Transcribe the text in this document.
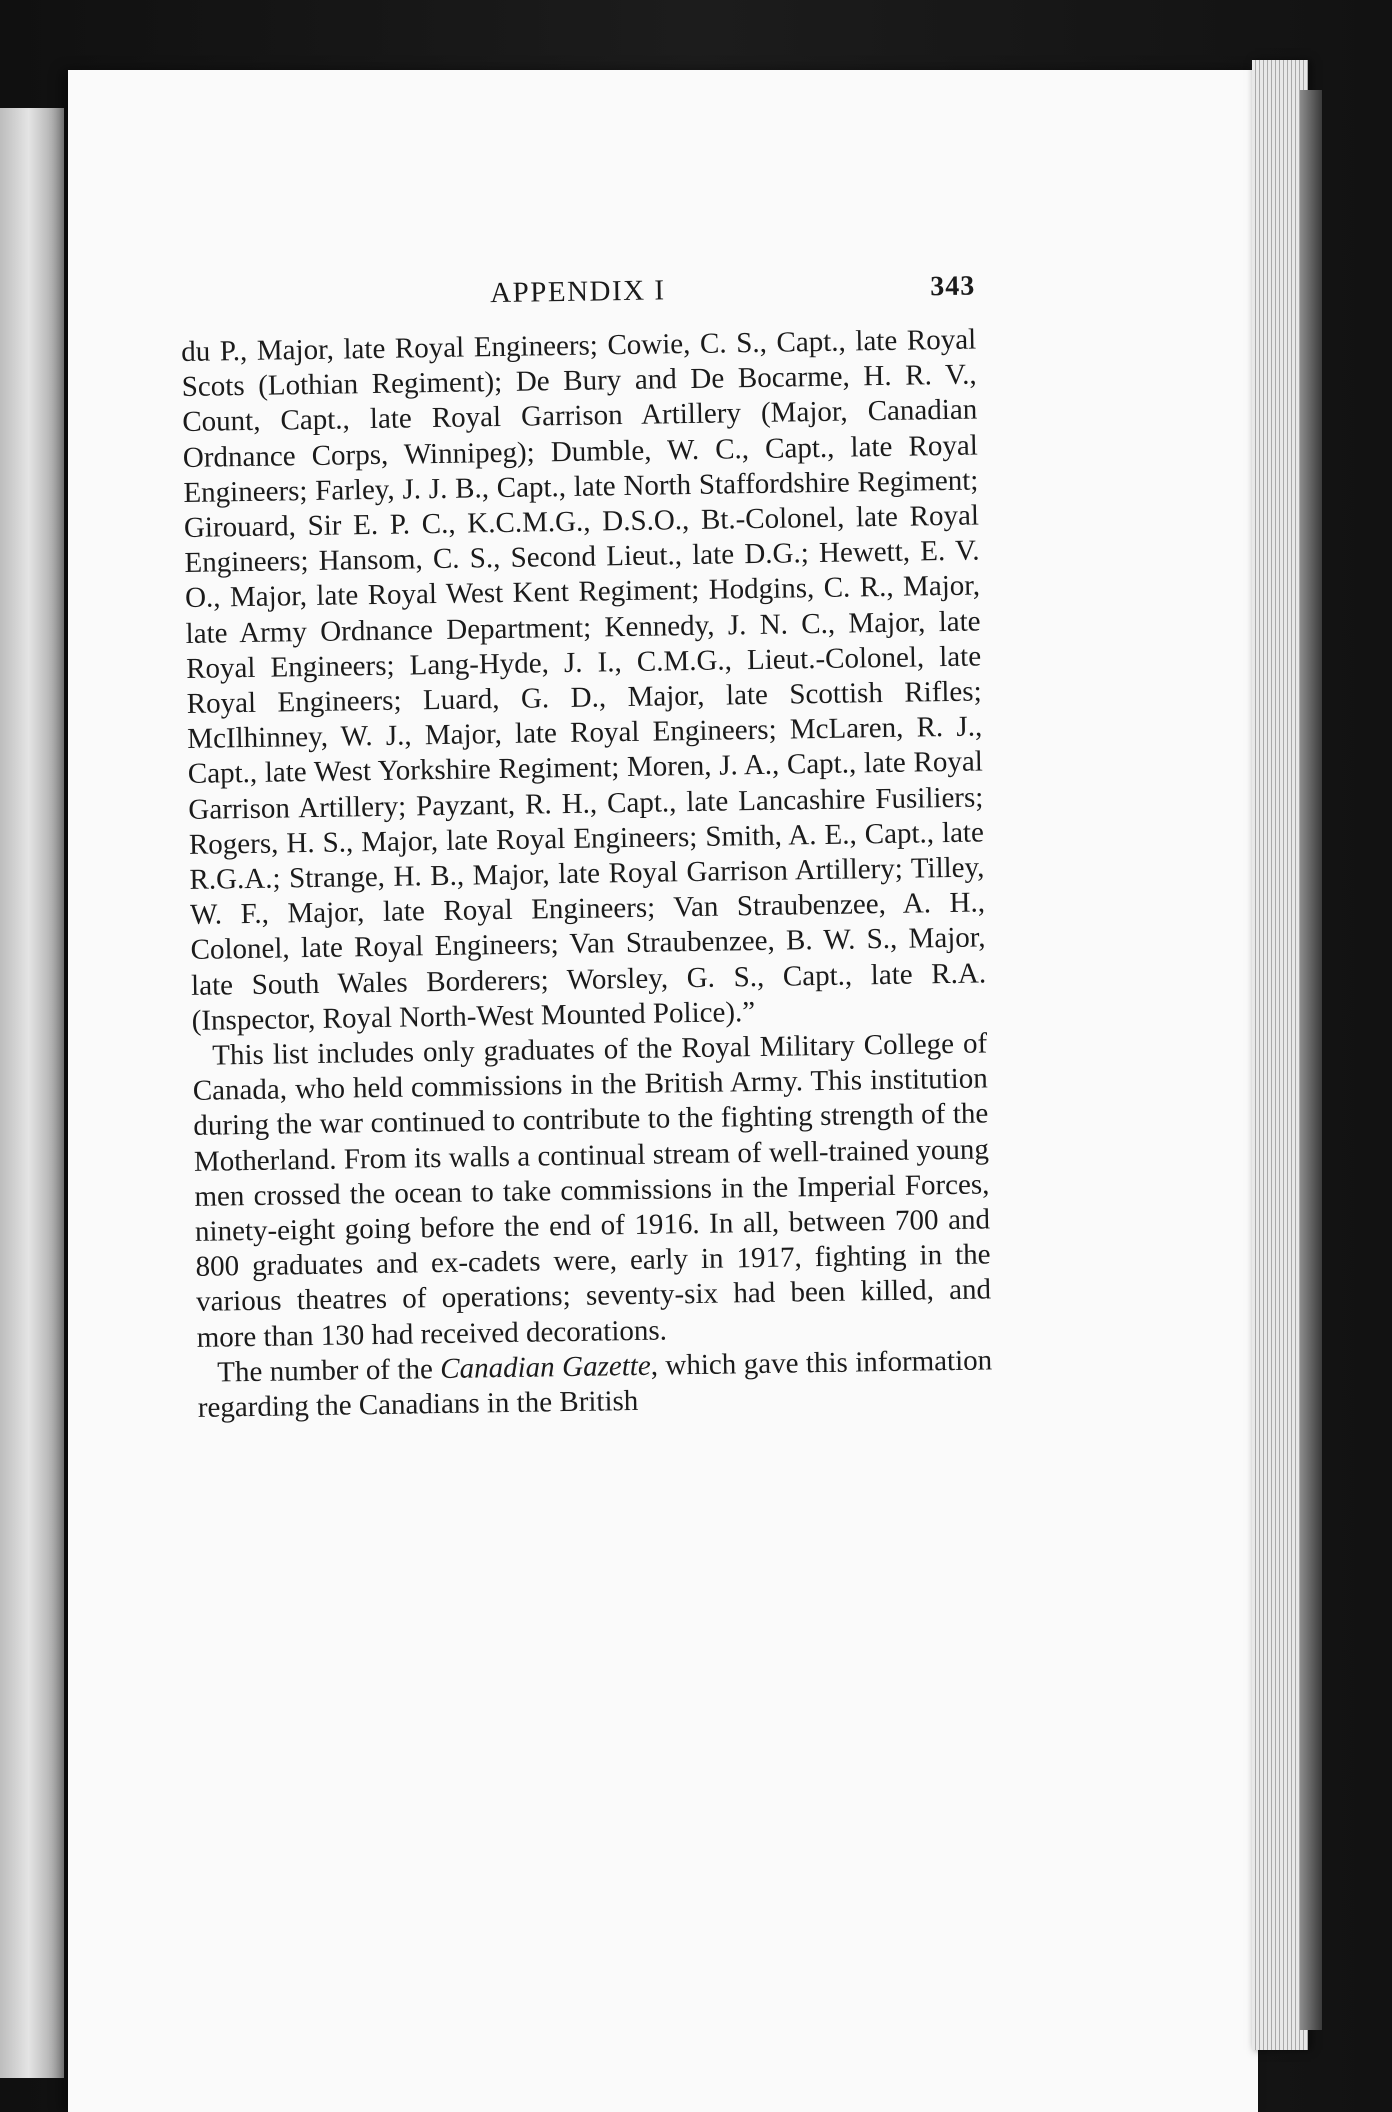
APPENDIX I	343

du P., Major, late Royal Engineers; Cowie, C. S., Capt., late Royal Scots (Lothian Regiment); De Bury and De Bocarme, H. R. V., Count, Capt., late Royal Garrison Artillery (Major, Canadian Ordnance Corps, Winnipeg); Dumble, W. C., Capt., late Royal Engineers; Farley, J. J. B., Capt., late North Staffordshire Regiment; Girouard, Sir E. P. C., K.C.M.G., D.S.O., Bt.-Colonel, late Royal Engineers; Hansom, C. S., Second Lieut., late D.G.; Hewett, E. V. O., Major, late Royal West Kent Regiment; Hodgins, C. R., Major, late Army Ordnance Department; Kennedy, J. N. C., Major, late Royal Engineers; Lang-Hyde, J. I., C.M.G., Lieut.-Colonel, late Royal Engineers; Luard, G. D., Major, late Scottish Rifles; McIlhinney, W. J., Major, late Royal Engineers; McLaren, R. J., Capt., late West Yorkshire Regiment; Moren, J. A., Capt., late Royal Garrison Artillery; Payzant, R. H., Capt., late Lancashire Fusiliers; Rogers, H. S., Major, late Royal Engineers; Smith, A. E., Capt., late R.G.A.; Strange, H. B., Major, late Royal Garrison Artillery; Tilley, W. F., Major, late Royal Engineers; Van Straubenzee, A. H., Colonel, late Royal Engineers; Van Straubenzee, B. W. S., Major, late South Wales Borderers; Worsley, G. S., Capt., late R.A. (Inspector, Royal North-West Mounted Police).”

This list includes only graduates of the Royal Military College of Canada, who held commissions in the British Army. This institution during the war continued to contribute to the fighting strength of the Motherland. From its walls a continual stream of well-trained young men crossed the ocean to take commissions in the Imperial Forces, ninety-eight going before the end of 1916. In all, between 700 and 800 graduates and ex-cadets were, early in 1917, fighting in the various theatres of operations; seventy-six had been killed, and more than 130 had received decorations.

The number of the Canadian Gazette, which gave this information regarding the Canadians in the British
